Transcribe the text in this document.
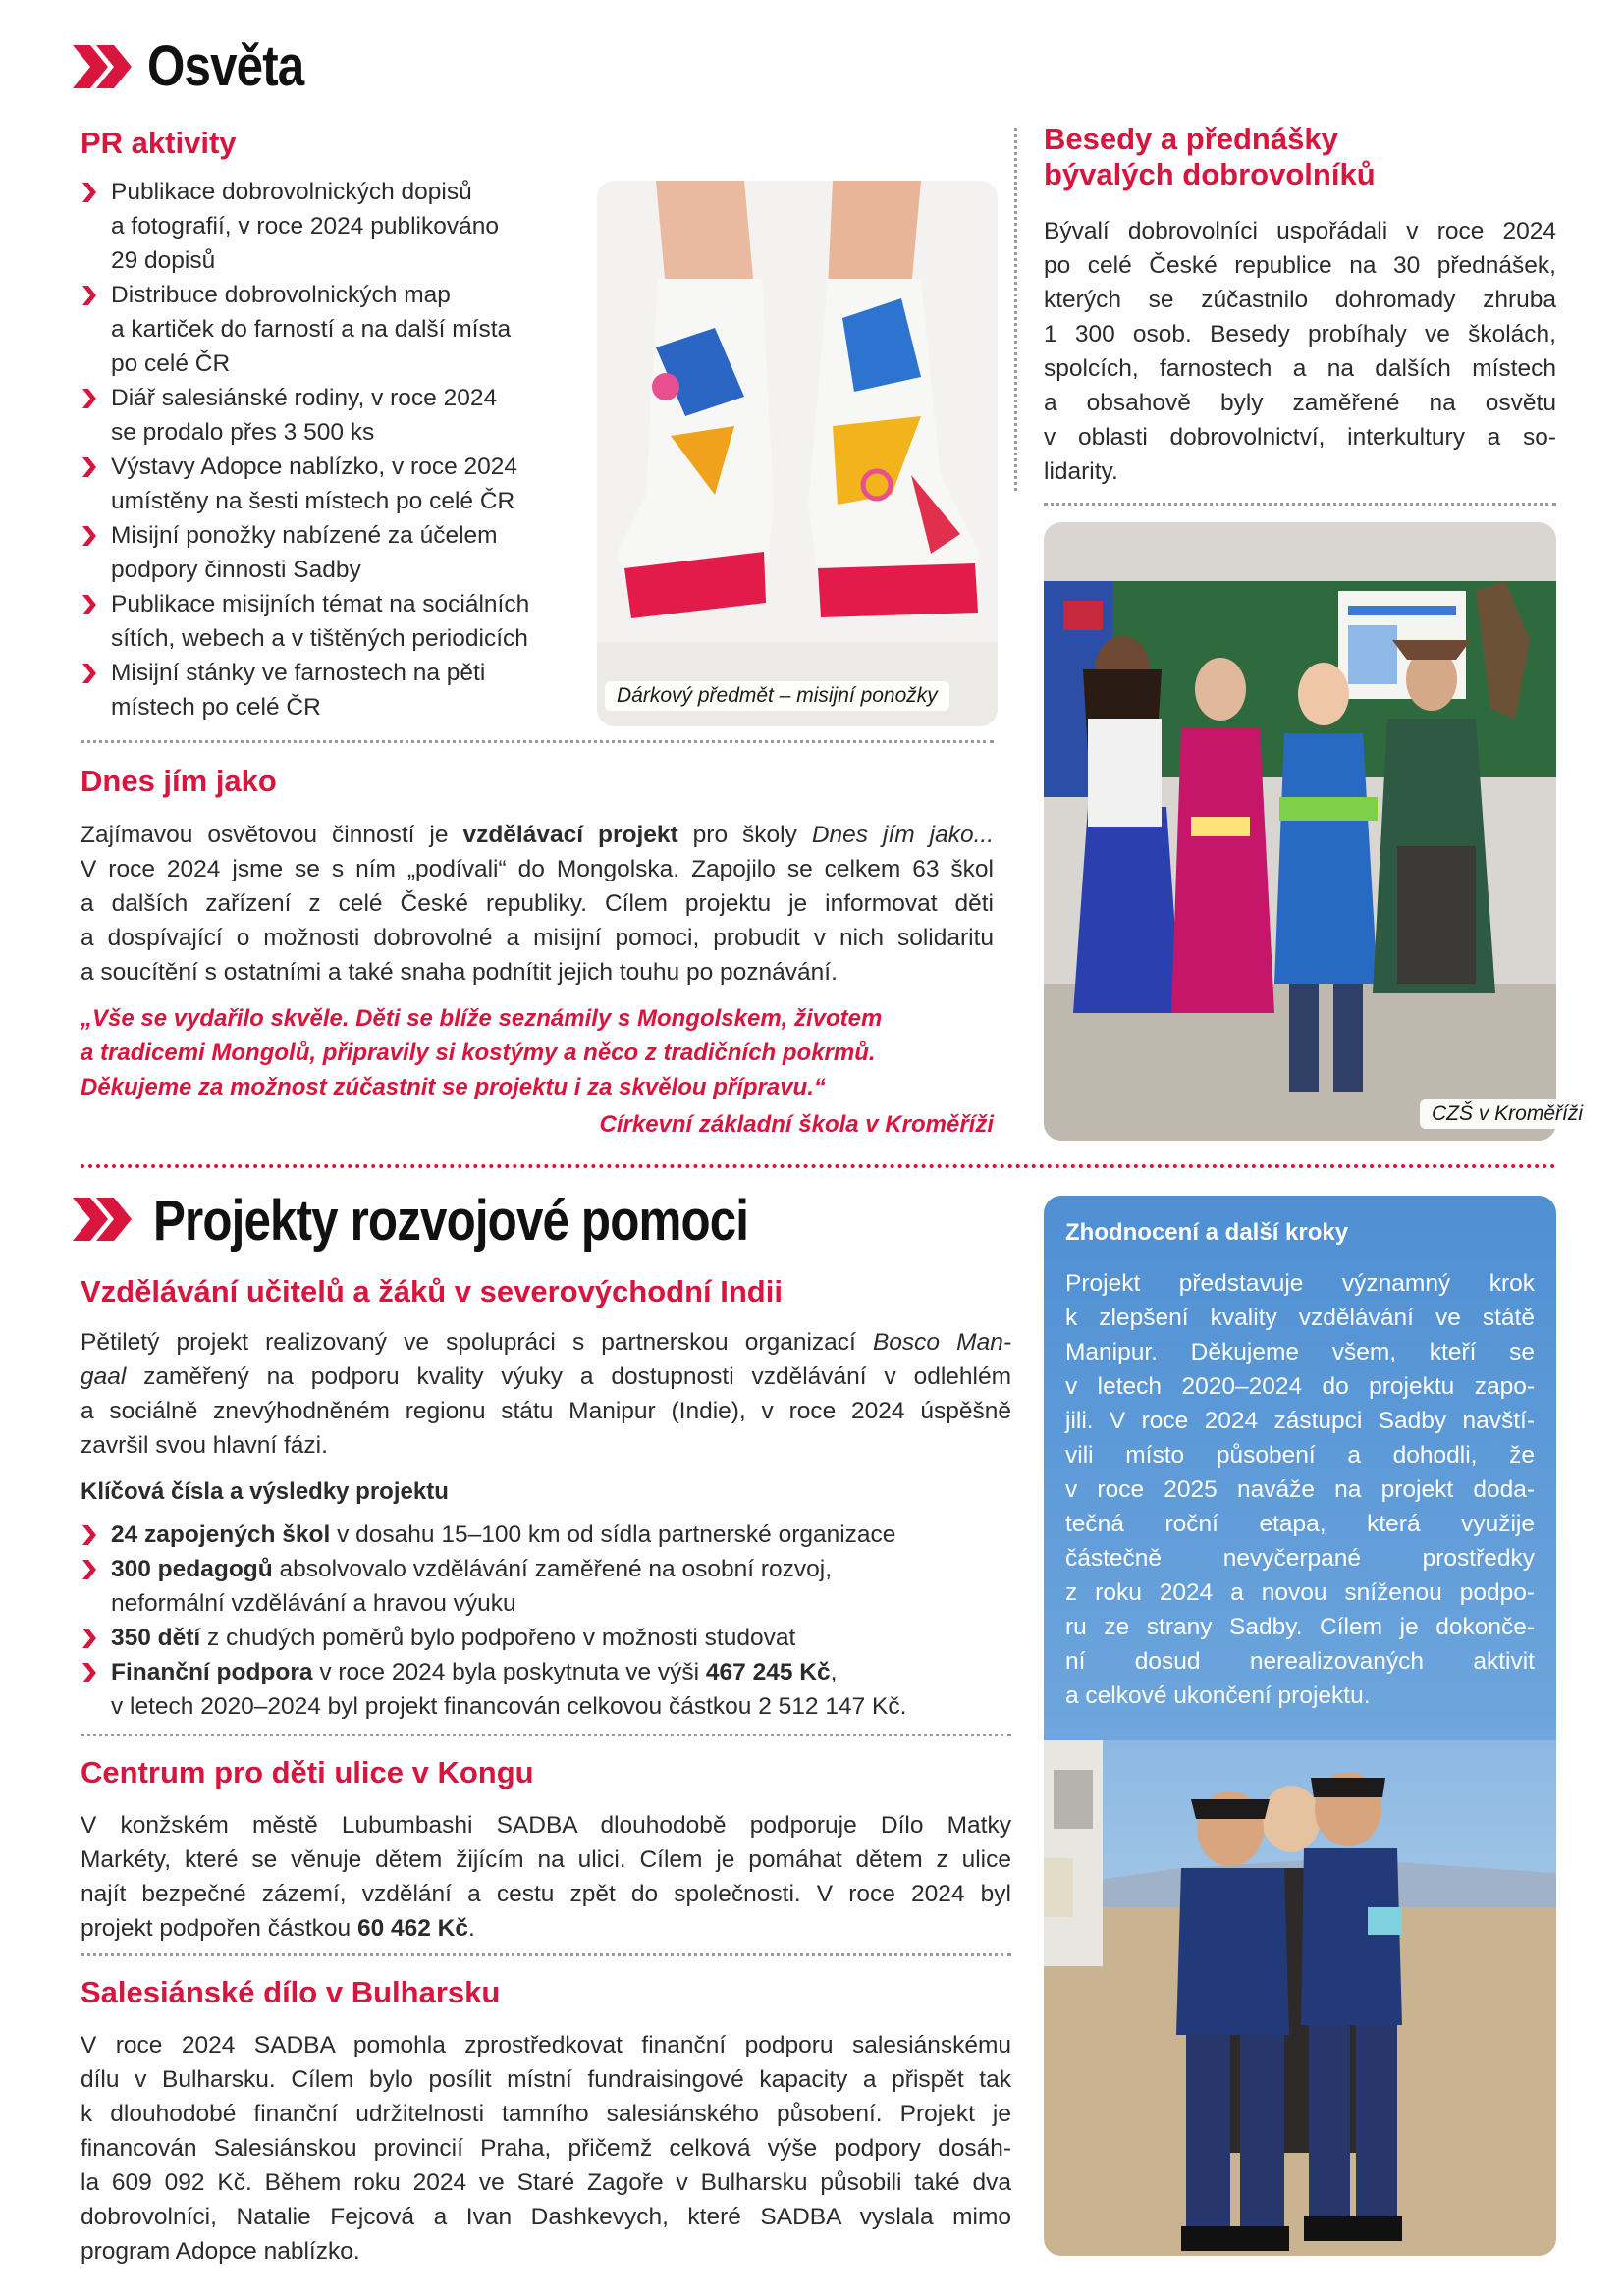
Osvěta
PR aktivity
Publikace dobrovolnických dopisů
a fotografií, v roce 2024 publikováno
29 dopisů
Distribuce dobrovolnických map
a kartiček do farností a na další místa
po celé ČR
Diář salesiánské rodiny, v roce 2024
se prodalo přes 3 500 ks
Výstavy Adopce nablízko, v roce 2024
umístěny na šesti místech po celé ČR
Misijní ponožky nabízené za účelem
podpory činnosti Sadby
Publikace misijních témat na sociálních
sítích, webech a v tištěných periodicích
Misijní stánky ve farnostech na pěti
místech po celé ČR	Dárkový předmět – misijní ponožky
Besedy a přednášky
bývalých dobrovolníků
Bývalí dobrovolníci uspořádali v roce 2024
po celé České republice na 30 přednášek,
kterých se zúčastnilo dohromady zhruba
1 300 osob. Besedy probíhaly ve školách,
spolcích, farnostech a na dalších místech
a obsahově byly zaměřené na osvětu
v oblasti dobrovolnictví, interkultury a so-
lidarity.
CZŠ v Kroměříži
Dnes jím jako
Zajímavou osvětovou činností je vzdělávací projekt pro školy Dnes jím jako...
V roce 2024 jsme se s ním „podívali“ do Mongolska. Zapojilo se celkem 63 škol
a dalších zařízení z celé České republiky. Cílem projektu je informovat děti
a dospívající o možnosti dobrovolné a misijní pomoci, probudit v nich solidaritu
a soucítění s ostatními a také snaha podnítit jejich touhu po poznávání.
„Vše se vydařilo skvěle. Děti se blíže seznámily s Mongolskem, životem
a tradicemi Mongolů, připravily si kostýmy a něco z tradičních pokrmů.
Děkujeme za možnost zúčastnit se projektu i za skvělou přípravu.“
Církevní základní škola v Kroměříži
Projekty rozvojové pomoci
Vzdělávání učitelů a žáků v severovýchodní Indii
Pětiletý projekt realizovaný ve spolupráci s partnerskou organizací Bosco Man-
gaal zaměřený na podporu kvality výuky a dostupnosti vzdělávání v odlehlém
a sociálně znevýhodněném regionu státu Manipur (Indie), v roce 2024 úspěšně
završil svou hlavní fázi.
Klíčová čísla a výsledky projektu
24 zapojených škol v dosahu 15–100 km od sídla partnerské organizace
300 pedagogů absolvovalo vzdělávání zaměřené na osobní rozvoj,
neformální vzdělávání a hravou výuku
350 dětí z chudých poměrů bylo podpořeno v možnosti studovat
Finanční podpora v roce 2024 byla poskytnuta ve výši 467 245 Kč,
v letech 2020–2024 byl projekt financován celkovou částkou 2 512 147 Kč.
Centrum pro děti ulice v Kongu
V konžském městě Lubumbashi SADBA dlouhodobě podporuje Dílo Matky
Markéty, které se věnuje dětem žijícím na ulici. Cílem je pomáhat dětem z ulice
najít bezpečné zázemí, vzdělání a cestu zpět do společnosti. V roce 2024 byl
projekt podpořen částkou 60 462 Kč.
Salesiánské dílo v Bulharsku
V roce 2024 SADBA pomohla zprostředkovat finanční podporu salesiánskému
dílu v Bulharsku. Cílem bylo posílit místní fundraisingové kapacity a přispět tak
k dlouhodobé finanční udržitelnosti tamního salesiánského působení. Projekt je
financován Salesiánskou provincií Praha, přičemž celková výše podpory dosáh-
la 609 092 Kč. Během roku 2024 ve Staré Zagoře v Bulharsku působili také dva
dobrovolníci, Natalie Fejcová a Ivan Dashkevych, které SADBA vyslala mimo
program Adopce nablízko.
Zhodnocení a další kroky
Projekt představuje významný krok
k zlepšení kvality vzdělávání ve státě
Manipur. Děkujeme všem, kteří se
v letech 2020–2024 do projektu zapo-
jili. V roce 2024 zástupci Sadby navští-
vili místo působení a dohodli, že
v roce 2025 naváže na projekt doda-
tečná roční etapa, která využije
částečně nevyčerpané prostředky
z roku 2024 a novou sníženou podpo-
ru ze strany Sadby. Cílem je dokonče-
ní dosud nerealizovaných aktivit
a celkové ukončení projektu.
